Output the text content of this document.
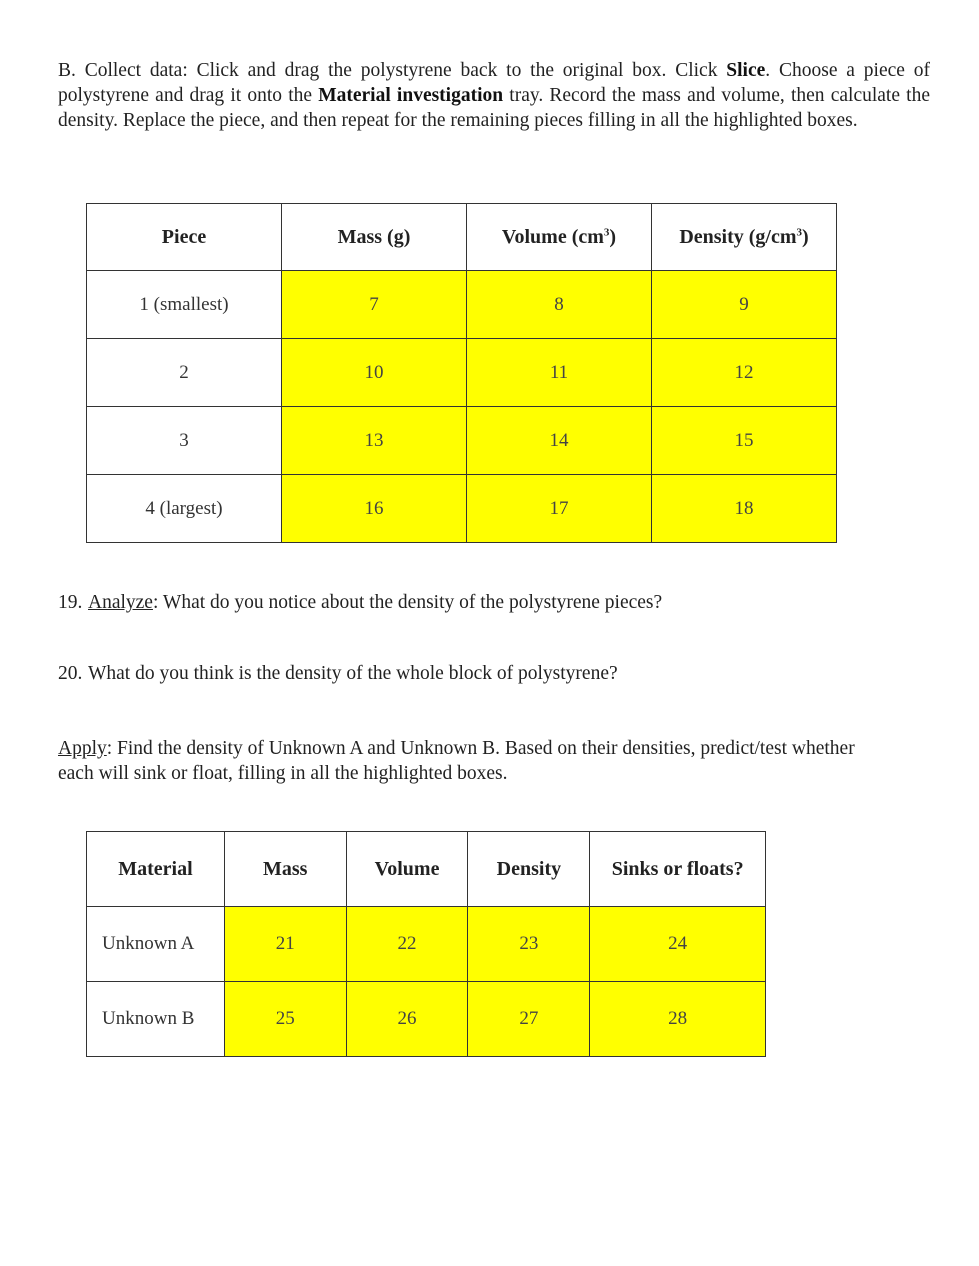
B. Collect data: Click and drag the polystyrene back to the original box. Click Slice. Choose a piece of polystyrene and drag it onto the Material investigation tray. Record the mass and volume, then calculate the density. Replace the piece, and then repeat for the remaining pieces filling in all the highlighted boxes.

Piece	Mass (g)	Volume $(cm^3)$	Density $(g/cm^3)$
1 (smallest)	7	8	9
2	10	11	12
3	13	14	15
4 (largest)	16	17	18

19. Analyze: What do you notice about the density of the polystyrene pieces?

20. What do you think is the density of the whole block of polystyrene?

Apply: Find the density of Unknown A and Unknown B. Based on their densities, predict/test whether each will sink or float, filling in all the highlighted boxes.

Material	Mass	Volume	Density	Sinks or floats?
Unknown A	21	22	23	24
Unknown B	25	26	27	28
